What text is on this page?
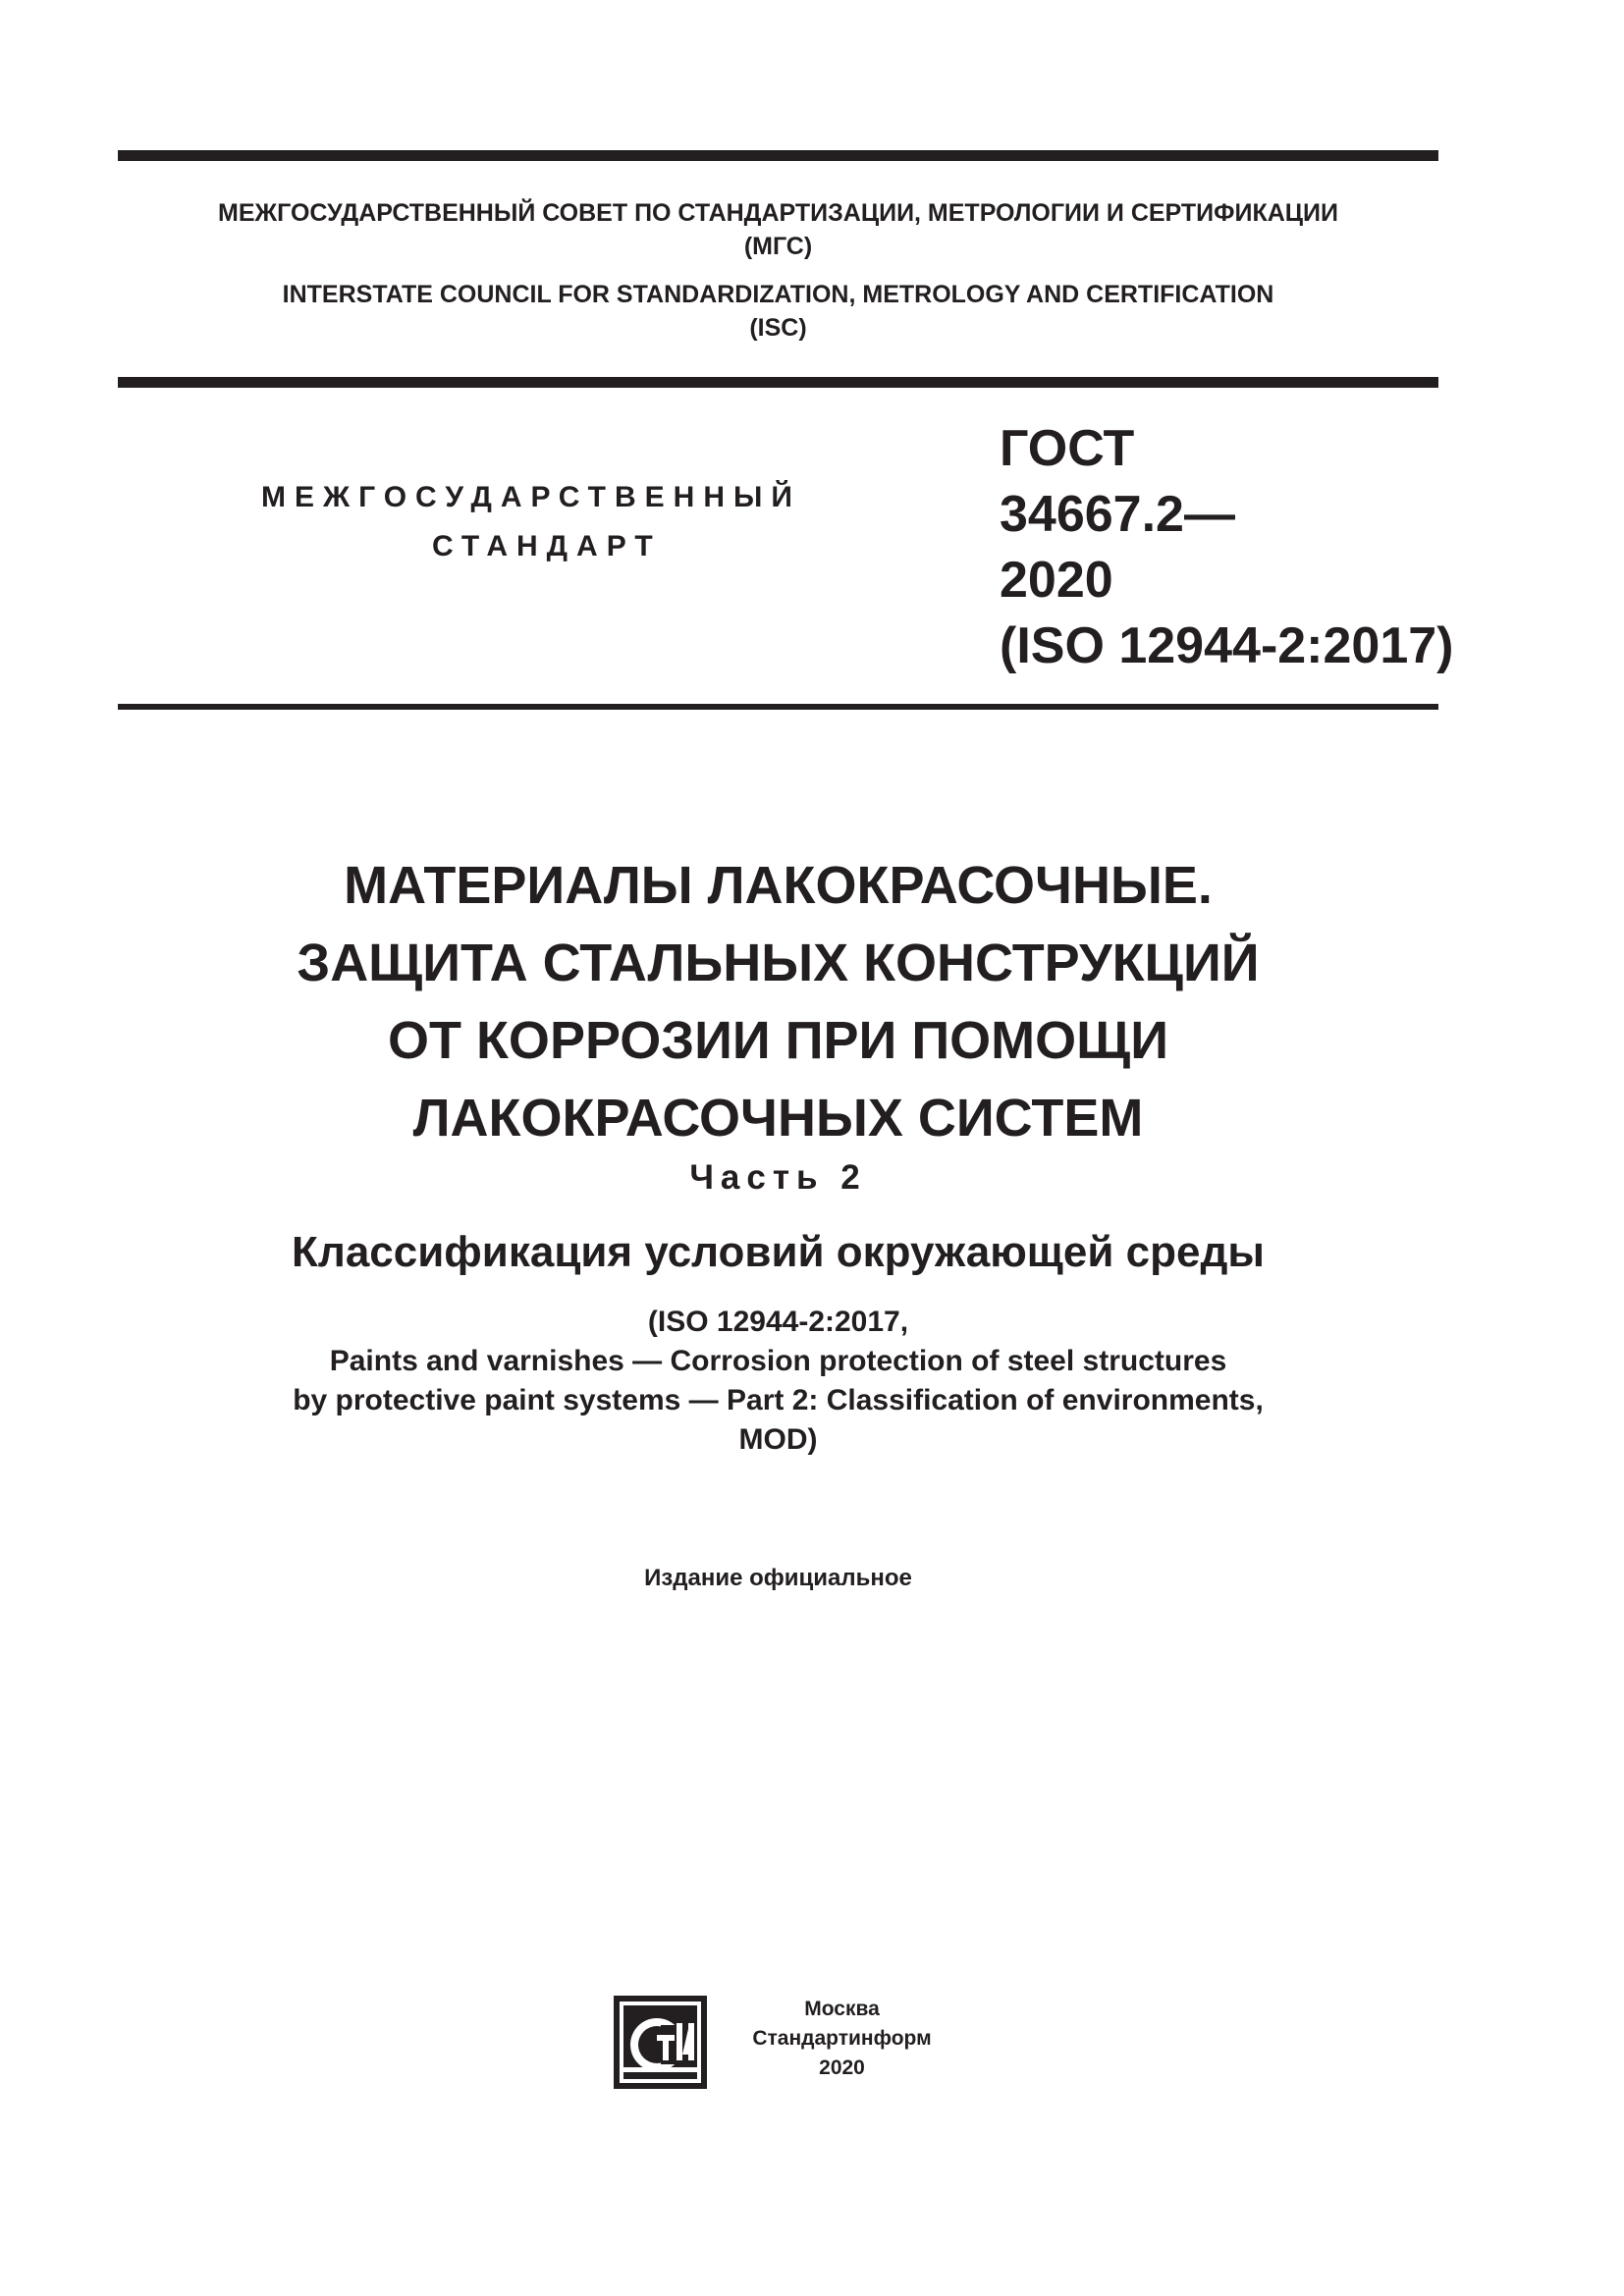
МЕЖГОСУДАРСТВЕННЫЙ СОВЕТ ПО СТАНДАРТИЗАЦИИ, МЕТРОЛОГИИ И СЕРТИФИКАЦИИ
(МГС)
INTERSTATE COUNCIL FOR STANDARDIZATION, METROLOGY AND CERTIFICATION
(ISC)
МЕЖГОСУДАРСТВЕННЫЙ
СТАНДАРТ
ГОСТ
34667.2—
2020
(ISO 12944-2:2017)
МАТЕРИАЛЫ ЛАКОКРАСОЧНЫЕ.
ЗАЩИТА СТАЛЬНЫХ КОНСТРУКЦИЙ
ОТ КОРРОЗИИ ПРИ ПОМОЩИ
ЛАКОКРАСОЧНЫХ СИСТЕМ
Часть 2
Классификация условий окружающей среды
(ISO 12944-2:2017,
Paints and varnishes — Corrosion protection of steel structures
by protective paint systems — Part 2: Classification of environments,
MOD)
Издание официальное
Москва
Стандартинформ
2020
